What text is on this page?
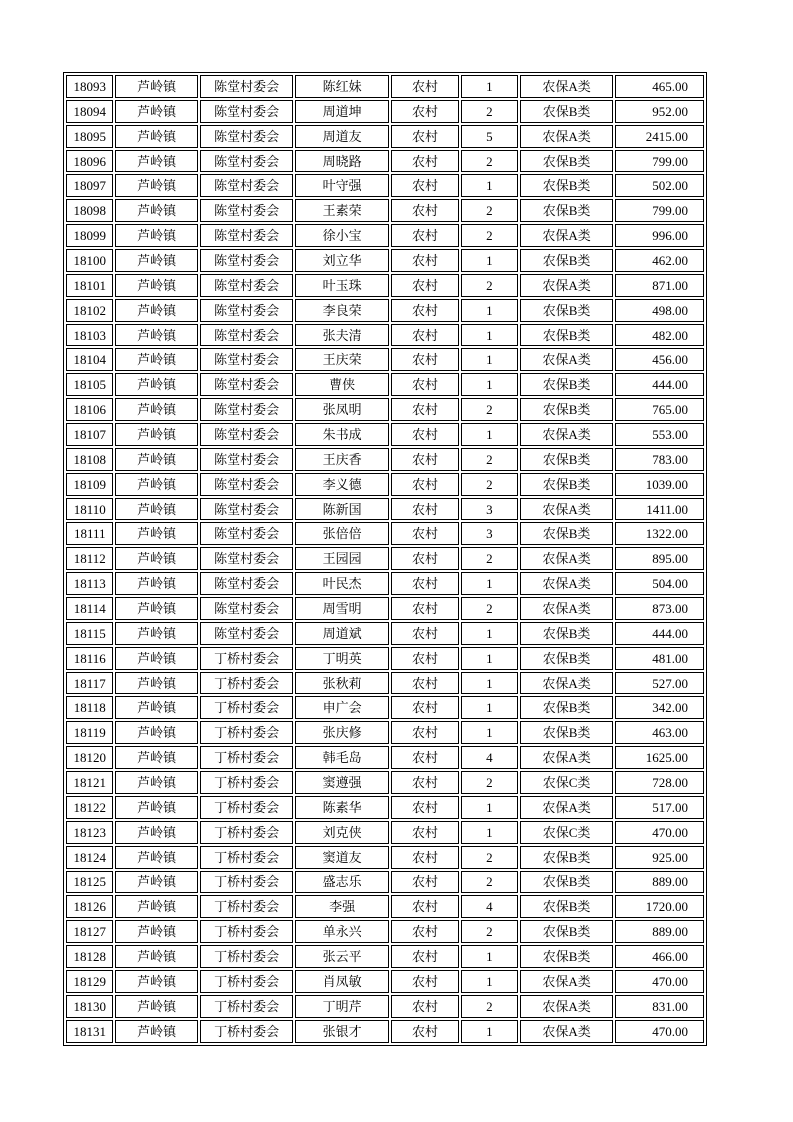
18093	芦岭镇	陈堂村委会	陈红妹	农村	1	农保A类	465.00
18094	芦岭镇	陈堂村委会	周道坤	农村	2	农保B类	952.00
18095	芦岭镇	陈堂村委会	周道友	农村	5	农保A类	2415.00
18096	芦岭镇	陈堂村委会	周晓路	农村	2	农保B类	799.00
18097	芦岭镇	陈堂村委会	叶守强	农村	1	农保B类	502.00
18098	芦岭镇	陈堂村委会	王素荣	农村	2	农保B类	799.00
18099	芦岭镇	陈堂村委会	徐小宝	农村	2	农保A类	996.00
18100	芦岭镇	陈堂村委会	刘立华	农村	1	农保B类	462.00
18101	芦岭镇	陈堂村委会	叶玉珠	农村	2	农保A类	871.00
18102	芦岭镇	陈堂村委会	李良荣	农村	1	农保B类	498.00
18103	芦岭镇	陈堂村委会	张夫清	农村	1	农保B类	482.00
18104	芦岭镇	陈堂村委会	王庆荣	农村	1	农保A类	456.00
18105	芦岭镇	陈堂村委会	曹侠	农村	1	农保B类	444.00
18106	芦岭镇	陈堂村委会	张凤明	农村	2	农保B类	765.00
18107	芦岭镇	陈堂村委会	朱书成	农村	1	农保A类	553.00
18108	芦岭镇	陈堂村委会	王庆香	农村	2	农保B类	783.00
18109	芦岭镇	陈堂村委会	李义德	农村	2	农保B类	1039.00
18110	芦岭镇	陈堂村委会	陈新国	农村	3	农保A类	1411.00
18111	芦岭镇	陈堂村委会	张倍倍	农村	3	农保B类	1322.00
18112	芦岭镇	陈堂村委会	王园园	农村	2	农保A类	895.00
18113	芦岭镇	陈堂村委会	叶民杰	农村	1	农保A类	504.00
18114	芦岭镇	陈堂村委会	周雪明	农村	2	农保A类	873.00
18115	芦岭镇	陈堂村委会	周道斌	农村	1	农保B类	444.00
18116	芦岭镇	丁桥村委会	丁明英	农村	1	农保B类	481.00
18117	芦岭镇	丁桥村委会	张秋莉	农村	1	农保A类	527.00
18118	芦岭镇	丁桥村委会	申广会	农村	1	农保B类	342.00
18119	芦岭镇	丁桥村委会	张庆修	农村	1	农保B类	463.00
18120	芦岭镇	丁桥村委会	韩毛岛	农村	4	农保A类	1625.00
18121	芦岭镇	丁桥村委会	窦遵强	农村	2	农保C类	728.00
18122	芦岭镇	丁桥村委会	陈素华	农村	1	农保A类	517.00
18123	芦岭镇	丁桥村委会	刘克侠	农村	1	农保C类	470.00
18124	芦岭镇	丁桥村委会	窦道友	农村	2	农保B类	925.00
18125	芦岭镇	丁桥村委会	盛志乐	农村	2	农保B类	889.00
18126	芦岭镇	丁桥村委会	李强	农村	4	农保B类	1720.00
18127	芦岭镇	丁桥村委会	单永兴	农村	2	农保B类	889.00
18128	芦岭镇	丁桥村委会	张云平	农村	1	农保B类	466.00
18129	芦岭镇	丁桥村委会	肖凤敏	农村	1	农保A类	470.00
18130	芦岭镇	丁桥村委会	丁明芹	农村	2	农保A类	831.00
18131	芦岭镇	丁桥村委会	张银才	农村	1	农保A类	470.00
